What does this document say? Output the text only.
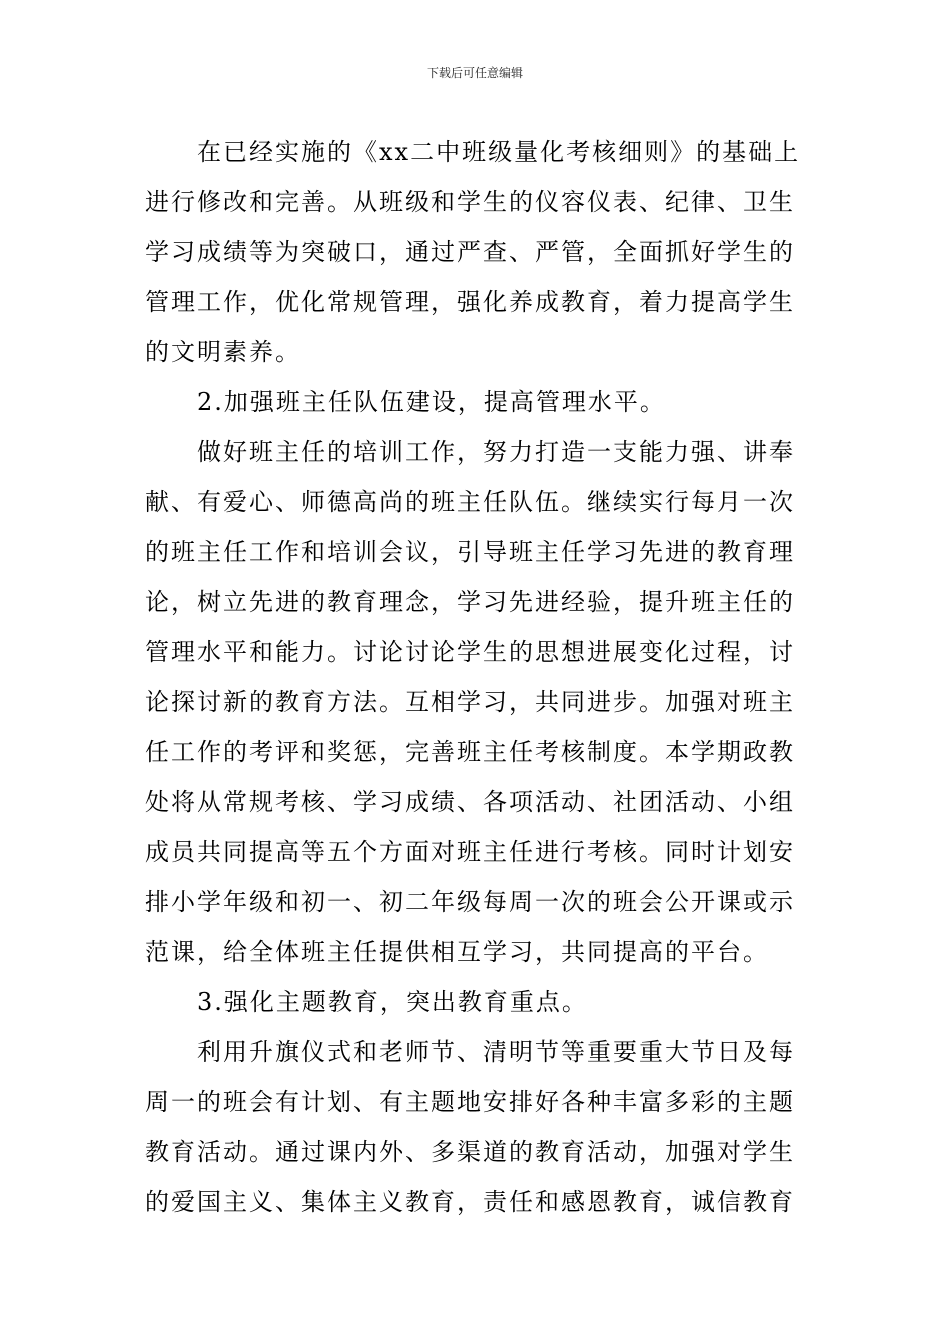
下载后可任意编辑
在已经实施的《xx二中班级量化考核细则》的基础上
进行修改和完善。从班级和学生的仪容仪表、纪律、卫生
学习成绩等为突破口，通过严查、严管，全面抓好学生的
管理工作，优化常规管理，强化养成教育，着力提高学生
的文明素养。
2.加强班主任队伍建设，提高管理水平。
做好班主任的培训工作，努力打造一支能力强、讲奉
献、有爱心、师德高尚的班主任队伍。继续实行每月一次
的班主任工作和培训会议，引导班主任学习先进的教育理
论，树立先进的教育理念，学习先进经验，提升班主任的
管理水平和能力。讨论讨论学生的思想进展变化过程，讨
论探讨新的教育方法。互相学习，共同进步。加强对班主
任工作的考评和奖惩，完善班主任考核制度。本学期政教
处将从常规考核、学习成绩、各项活动、社团活动、小组
成员共同提高等五个方面对班主任进行考核。同时计划安
排小学年级和初一、初二年级每周一次的班会公开课或示
范课，给全体班主任提供相互学习，共同提高的平台。
3.强化主题教育，突出教育重点。
利用升旗仪式和老师节、清明节等重要重大节日及每
周一的班会有计划、有主题地安排好各种丰富多彩的主题
教育活动。通过课内外、多渠道的教育活动，加强对学生
的爱国主义、集体主义教育，责任和感恩教育，诚信教育
